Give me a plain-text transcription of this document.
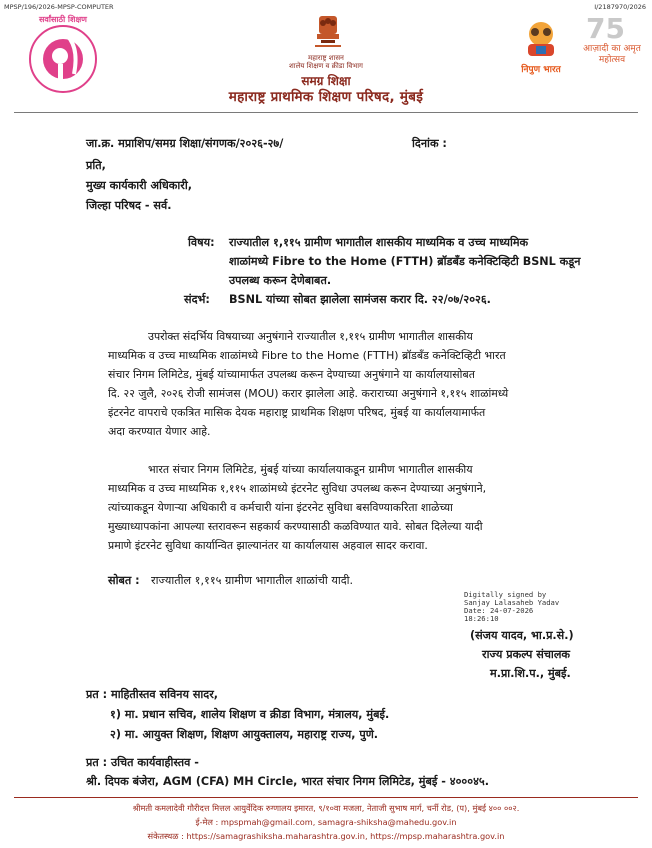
MPSP/196/2026-MPSP-COMPUTER	I/2187970/2026
सर्वांसाठी शिक्षण
महाराष्ट्र शासन
शालेय शिक्षण व क्रीडा विभाग
समग्र शिक्षा
महाराष्ट्र प्राथमिक शिक्षण परिषद, मुंबई
निपुण भारत
75
आज़ादी का अमृत महोत्सव
जा.क्र. मप्राशिप/समग्र शिक्षा/संगणक/२०२६-२७/	दिनांक :
प्रति,
मुख्य कार्यकारी अधिकारी,
जिल्हा परिषद - सर्व.
विषय: राज्यातील १,११५ ग्रामीण भागातील शासकीय माध्यमिक व उच्च माध्यमिक
शाळांमध्ये Fibre to the Home (FTTH) ब्रॉडबँड कनेक्टिव्हिटी BSNL कडून
उपलब्ध करून देणेबाबत.
संदर्भ: BSNL यांच्या सोबत झालेला सामंजस करार दि. २२/०७/२०२६.
उपरोक्त संदर्भिय विषयाच्या अनुषंगाने राज्यातील १,११५ ग्रामीण भागातील शासकीय
माध्यमिक व उच्च माध्यमिक शाळांमध्ये Fibre to the Home (FTTH) ब्रॉडबँड कनेक्टिव्हिटी भारत
संचार निगम लिमिटेड, मुंबई यांच्यामार्फत उपलब्ध करून देण्याच्या अनुषंगाने या कार्यालयासोबत
दि. २२ जुलै, २०२६ रोजी सामंजस (MOU) करार झालेला आहे. कराराच्या अनुषंगाने १,११५ शाळांमध्ये
इंटरनेट वापराचे एकत्रित मासिक देयक महाराष्ट्र प्राथमिक शिक्षण परिषद, मुंबई या कार्यालयामार्फत
अदा करण्यात येणार आहे.
भारत संचार निगम लिमिटेड, मुंबई यांच्या कार्यालयाकडून ग्रामीण भागातील शासकीय
माध्यमिक व उच्च माध्यमिक १,११५ शाळांमध्ये इंटरनेट सुविधा उपलब्ध करून देण्याच्या अनुषंगाने,
त्यांच्याकडून येणाऱ्या अधिकारी व कर्मचारी यांना इंटरनेट सुविधा बसविण्याकरिता शाळेच्या
मुख्याध्यापकांना आपल्या स्तरावरून सहकार्य करण्यासाठी कळविण्यात यावे. सोबत दिलेल्या यादी
प्रमाणे इंटरनेट सुविधा कार्यान्वित झाल्यानंतर या कार्यालयास अहवाल सादर करावा.
सोबत : राज्यातील १,११५ ग्रामीण भागातील शाळांची यादी.
Digitally signed by
Sanjay Lalasaheb Yadav
Date: 24-07-2026
18:26:10
(संजय यादव, भा.प्र.से.)
राज्य प्रकल्प संचालक
म.प्रा.शि.प., मुंबई.
प्रत : माहितीस्तव सविनय सादर,
१) मा. प्रधान सचिव, शालेय शिक्षण व क्रीडा विभाग, मंत्रालय, मुंबई.
२) मा. आयुक्त शिक्षण, शिक्षण आयुक्तालय, महाराष्ट्र राज्य, पुणे.
प्रत : उचित कार्यवाहीस्तव -
श्री. दिपक बंजेरा, AGM (CFA) MH Circle, भारत संचार निगम लिमिटेड, मुंबई - ४०००४५.
श्रीमती कमलादेवी गौरीदत्त मित्तल आयुर्वेदिक रुग्णालय इमारत, ९/१०वा मजला, नेताजी सुभाष मार्ग, चर्नी रोड, (प), मुंबई ४०० ००२.
ई-मेल : mpspmah@gmail.com, samagra-shiksha@mahedu.gov.in
संकेतस्थळ : https://samagrashiksha.maharashtra.gov.in, https://mpsp.maharashtra.gov.in
